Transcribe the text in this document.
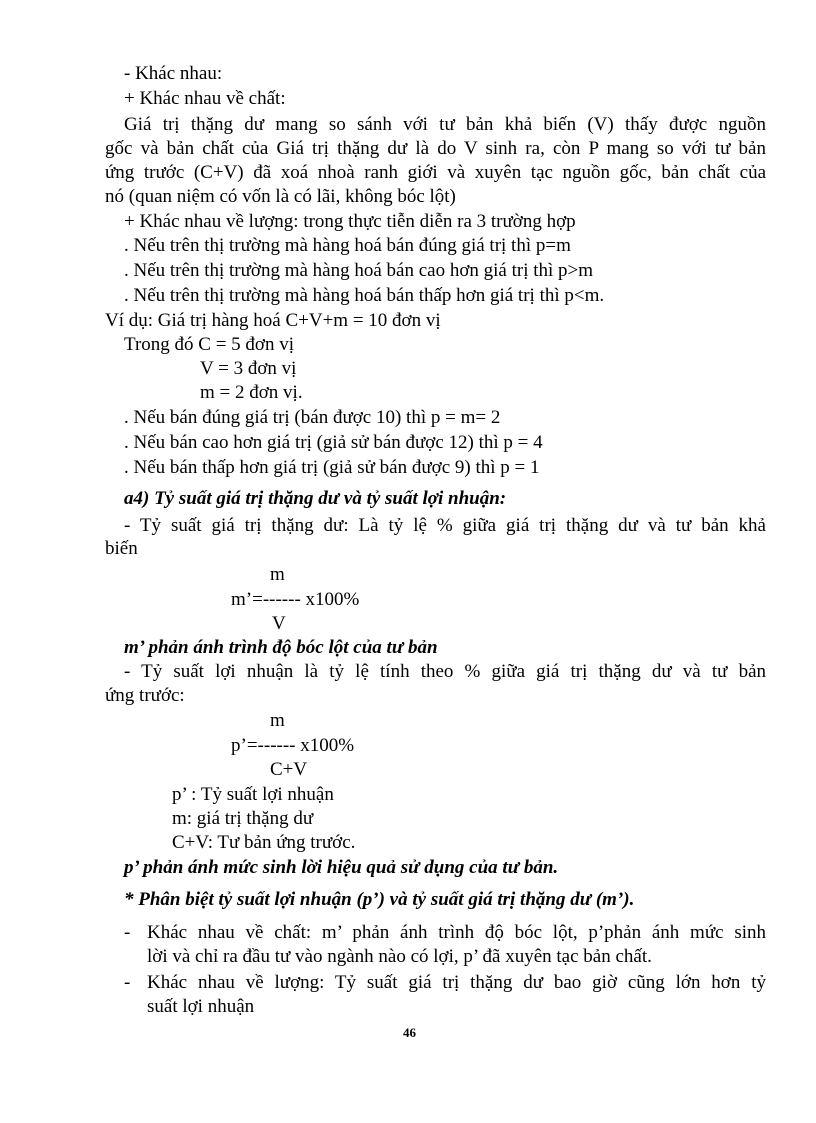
- Khác nhau:
+ Khác nhau về chất:
Giá trị thặng dư mang so sánh với tư bản khả biến (V) thấy được nguồn
gốc và bản chất của Giá trị thặng dư là do V sinh ra, còn P mang so với tư bản
ứng trước (C+V) đã xoá nhoà ranh giới và xuyên tạc nguồn gốc, bản chất của
nó (quan niệm có vốn là có lãi, không bóc lột)
+ Khác nhau về lượng: trong thực tiễn diễn ra 3 trường hợp
. Nếu trên thị trường mà hàng hoá bán đúng giá trị thì p=m
. Nếu trên thị trường mà hàng hoá bán cao hơn giá trị thì p>m
. Nếu trên thị trường mà hàng hoá bán thấp hơn giá trị thì p<m.
Ví dụ: Giá trị hàng hoá C+V+m = 10 đơn vị
Trong đó C = 5 đơn vị
V = 3 đơn vị
m = 2 đơn vị.
. Nếu bán đúng giá trị (bán được 10) thì p = m= 2
. Nếu bán cao hơn giá trị (giả sử bán được 12) thì p = 4
. Nếu bán thấp hơn giá trị (giả sử bán được 9) thì p = 1
a4) Tỷ suất giá trị thặng dư và tỷ suất lợi nhuận:
- Tỷ suất giá trị thặng dư: Là tỷ lệ % giữa giá trị thặng dư và tư bản khả
biến
m
m’=------ x100%
V
m’ phản ánh trình độ bóc lột của tư bản
- Tỷ suất lợi nhuận là tỷ lệ tính theo % giữa giá trị thặng dư và tư bản
ứng trước:
m
p’=------ x100%
C+V
p’ : Tỷ suất lợi nhuận
m: giá trị thặng dư
C+V: Tư bản ứng trước.
p’ phản ánh mức sinh lời hiệu quả sử dụng của tư bản.
* Phân biệt tỷ suất lợi nhuận (p’) và tỷ suất giá trị thặng dư (m’).
- Khác nhau về chất: m’ phản ánh trình độ bóc lột, p’phản ánh mức sinh
lời và chỉ ra đầu tư vào ngành nào có lợi, p’ đã xuyên tạc bản chất.
- Khác nhau về lượng: Tỷ suất giá trị thặng dư bao giờ cũng lớn hơn tỷ
suất lợi nhuận
46
